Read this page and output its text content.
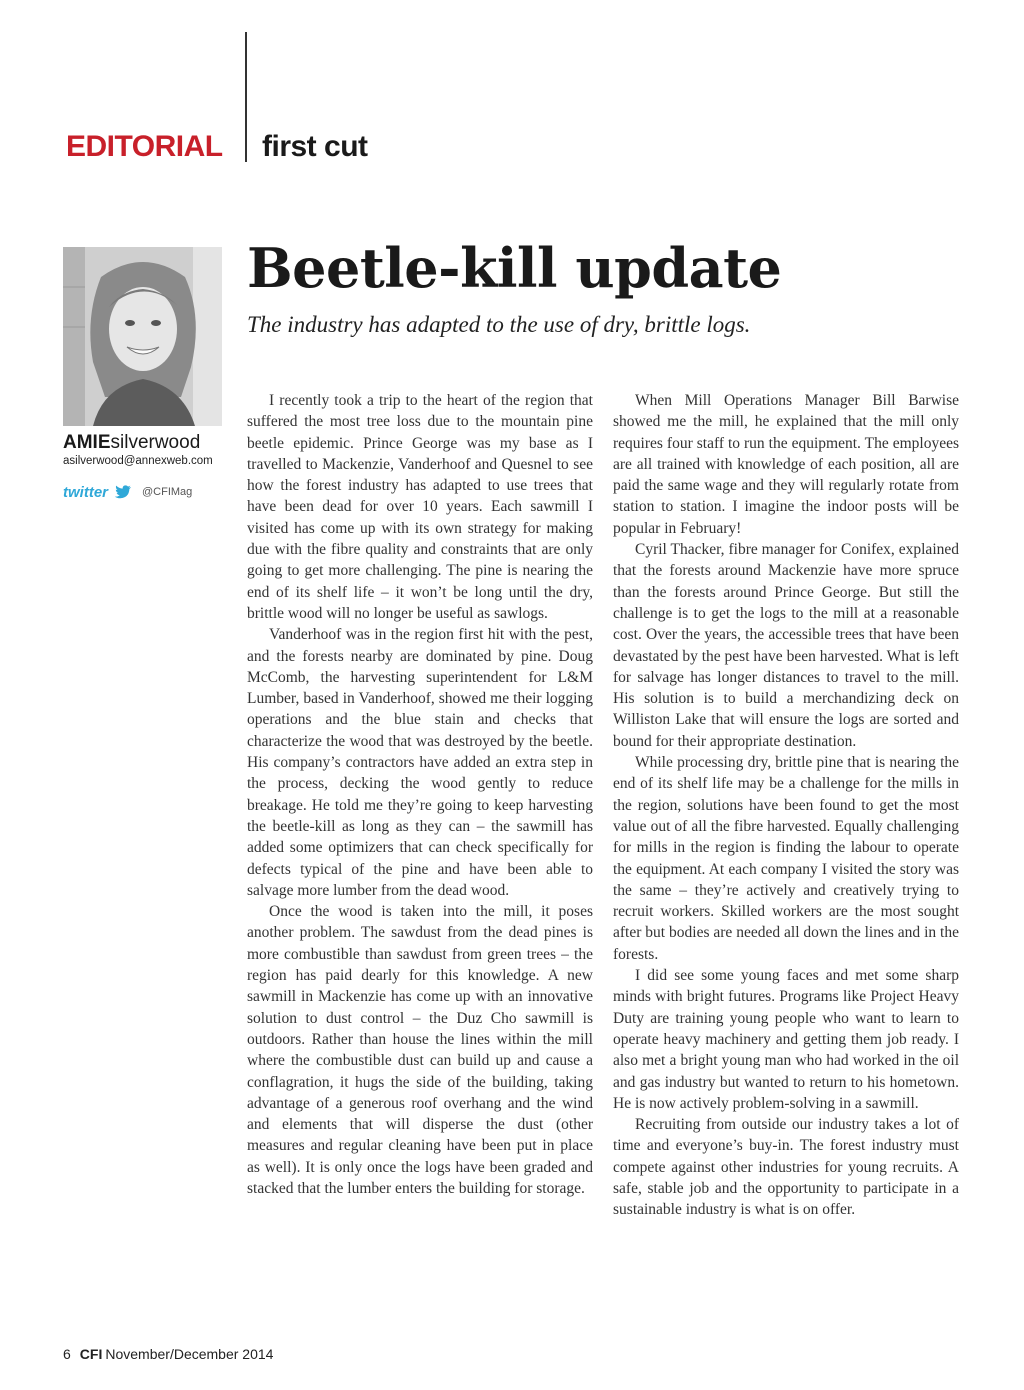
EDITORIAL first cut
AMIEsilverwood
asilverwood@annexweb.com
twitter	@CFIMag
Beetle-kill update

The industry has adapted to the use of dry, brittle logs.

I recently took a trip to the heart of the region that suffered the most tree loss due to the mountain pine beetle epidemic. Prince George was my base as I travelled to Mackenzie, Vanderhoof and Quesnel to see how the forest industry has adapted to use trees that have been dead for over 10 years. Each sawmill I visited has come up with its own strategy for making due with the fibre quality and constraints that are only going to get more challenging. The pine is nearing the end of its shelf life – it won’t be long until the dry, brittle wood will no longer be useful as sawlogs.

Vanderhoof was in the region first hit with the pest, and the forests nearby are dominated by pine. Doug McComb, the harvesting superintendent for L&M Lumber, based in Vanderhoof, showed me their logging operations and the blue stain and checks that characterize the wood that was destroyed by the beetle. His company’s contractors have added an extra step in the process, decking the wood gently to reduce breakage. He told me they’re going to keep harvesting the beetle-kill as long as they can – the sawmill has added some optimizers that can check specifically for defects typical of the pine and have been able to salvage more lumber from the dead wood.

Once the wood is taken into the mill, it poses another problem. The sawdust from the dead pines is more combustible than sawdust from green trees – the region has paid dearly for this knowledge. A new sawmill in Mackenzie has come up with an innovative solution to dust control – the Duz Cho sawmill is outdoors. Rather than house the lines within the mill where the combustible dust can build up and cause a conflagration, it hugs the side of the building, taking advantage of a generous roof overhang and the wind and elements that will disperse the dust (other measures and regular cleaning have been put in place as well). It is only once the logs have been graded and stacked that the lumber enters the building for storage.

When Mill Operations Manager Bill Barwise showed me the mill, he explained that the mill only requires four staff to run the equipment. The employees are all trained with knowledge of each position, all are paid the same wage and they will regularly rotate from station to station. I imagine the indoor posts will be popular in February!

Cyril Thacker, fibre manager for Conifex, explained that the forests around Mackenzie have more spruce than the forests around Prince George. But still the challenge is to get the logs to the mill at a reasonable cost. Over the years, the accessible trees that have been devastated by the pest have been harvested. What is left for salvage has longer distances to travel to the mill. His solution is to build a merchandizing deck on Williston Lake that will ensure the logs are sorted and bound for their appropriate destination.

While processing dry, brittle pine that is nearing the end of its shelf life may be a challenge for the mills in the region, solutions have been found to get the most value out of all the fibre harvested. Equally challenging for mills in the region is finding the labour to operate the equipment. At each company I visited the story was the same – they’re actively and creatively trying to recruit workers. Skilled workers are the most sought after but bodies are needed all down the lines and in the forests.

I did see some young faces and met some sharp minds with bright futures. Programs like Project Heavy Duty are training young people who want to learn to operate heavy machinery and getting them job ready. I also met a bright young man who had worked in the oil and gas industry but wanted to return to his hometown. He is now actively problem-solving in a sawmill.

Recruiting from outside our industry takes a lot of time and everyone’s buy-in. The forest industry must compete against other industries for young recruits. A safe, stable job and the opportunity to participate in a sustainable industry is what is on offer.

6 CFI November/December 2014
